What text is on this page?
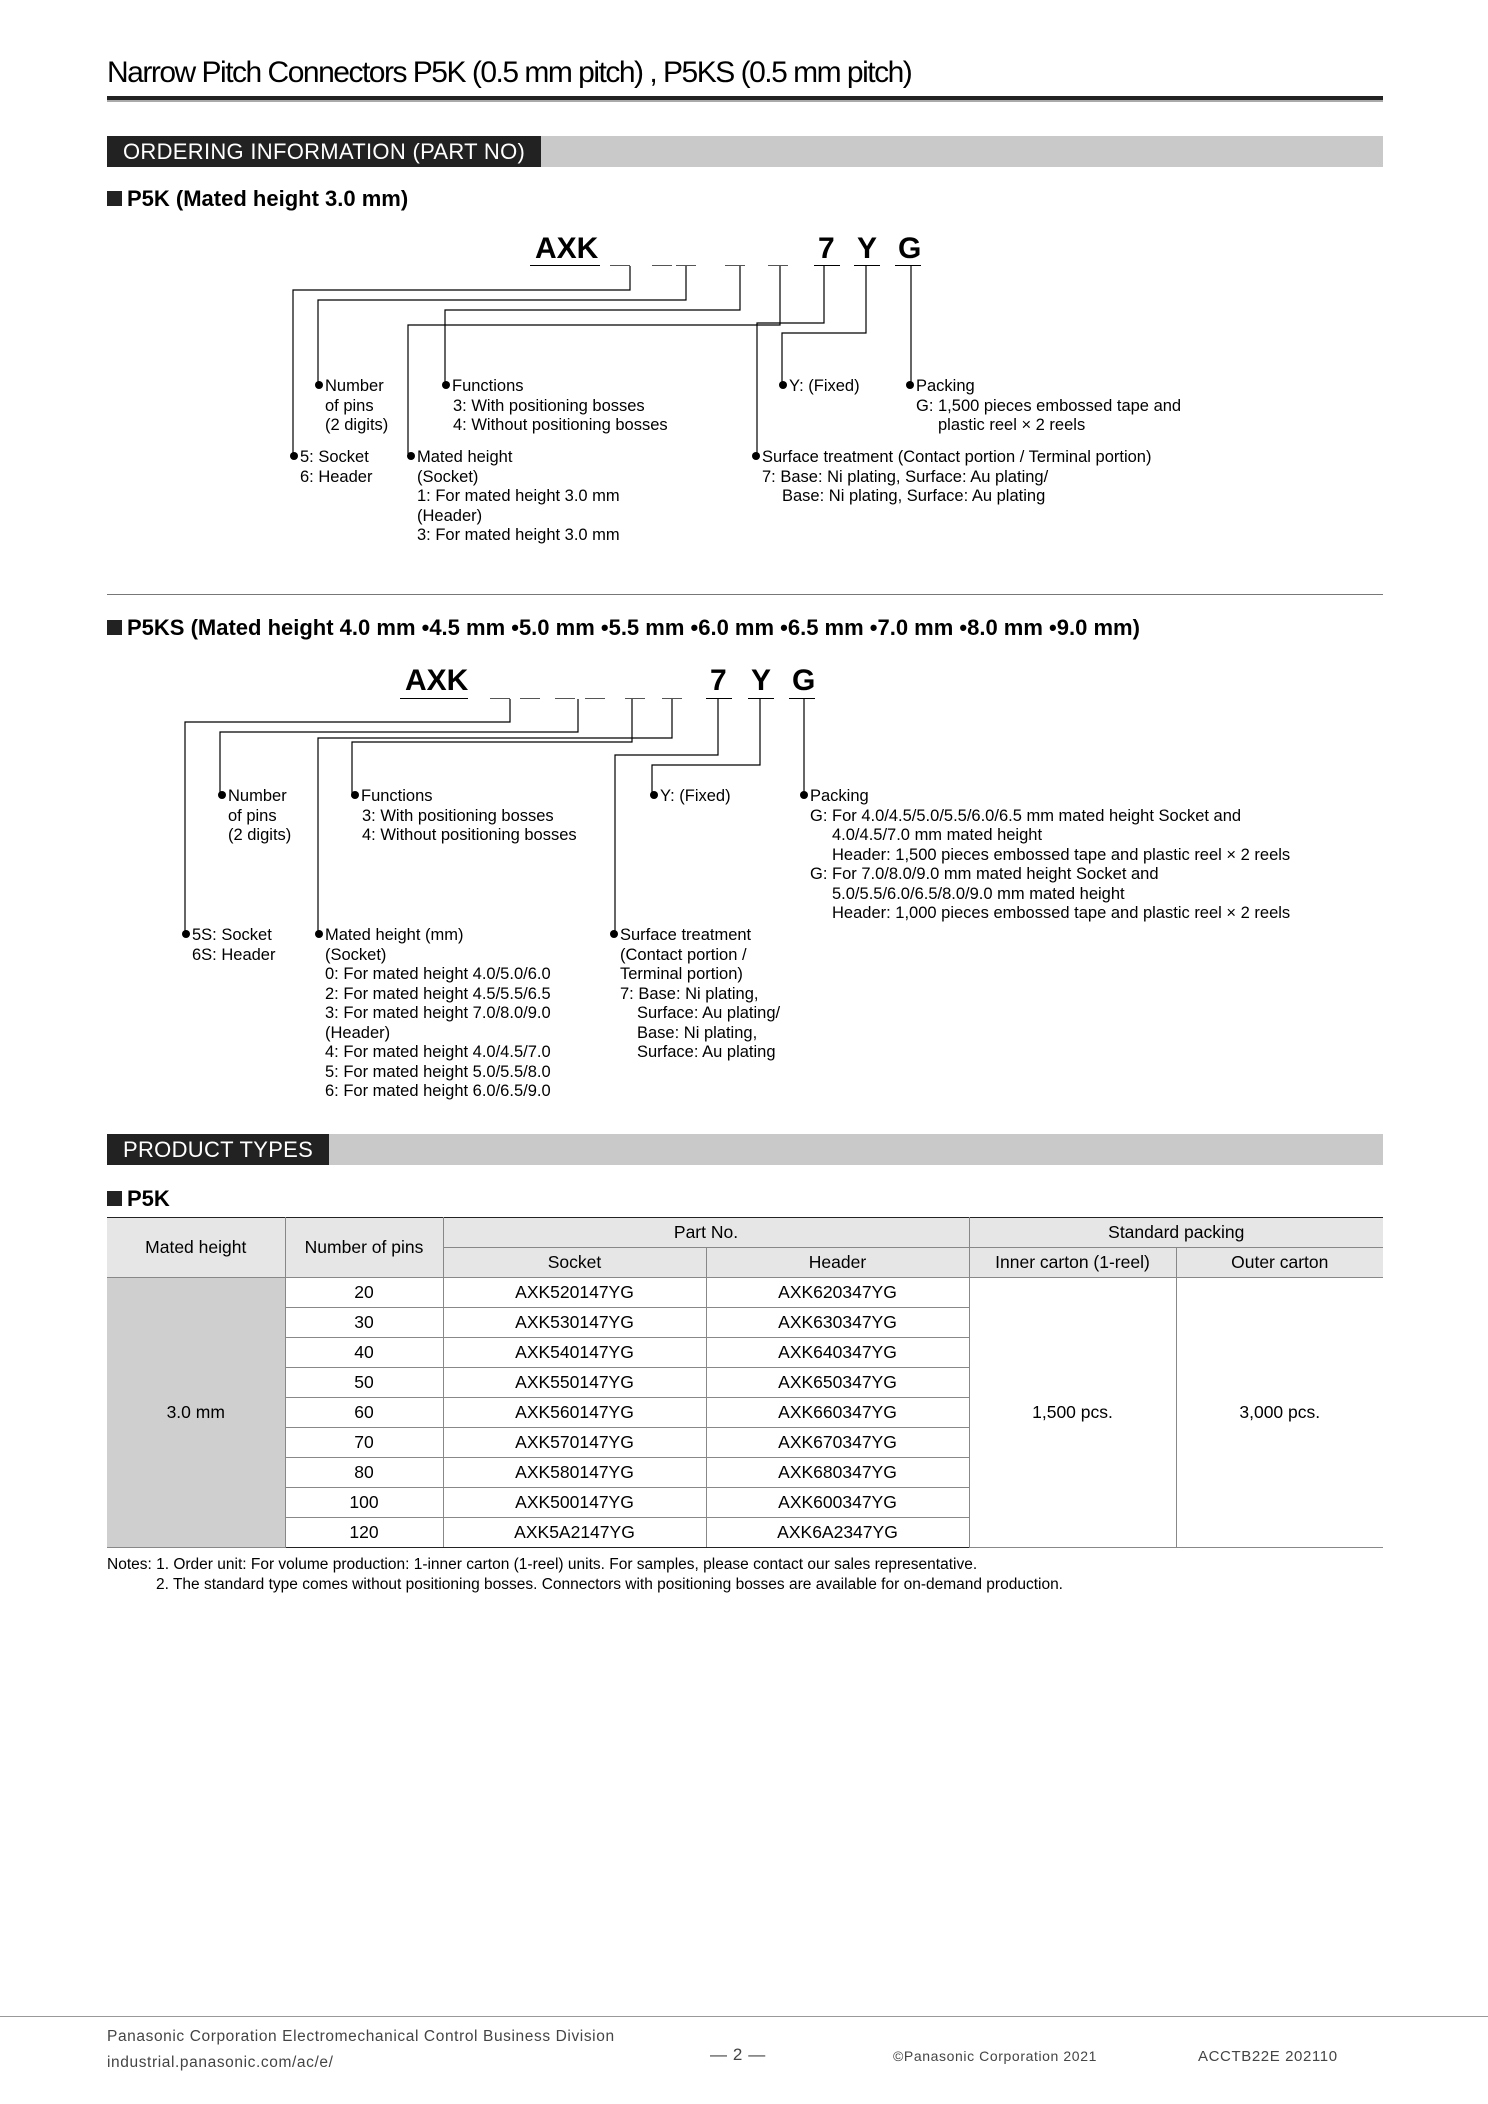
Narrow Pitch Connectors P5K (0.5 mm pitch) , P5KS (0.5 mm pitch)
ORDERING INFORMATION (PART NO)
P5K (Mated height 3.0 mm)
AXK	7 Y G
Number
of pins
(2 digits)
Functions
3: With positioning bosses
4: Without positioning bosses
Y: (Fixed)	Packing
G: 1,500 pieces embossed tape and
plastic reel × 2 reels
5: Socket
6: Header
Mated height
(Socket)
1: For mated height 3.0 mm
(Header)
3: For mated height 3.0 mm
Surface treatment (Contact portion / Terminal portion)
7: Base: Ni plating, Surface: Au plating/
Base: Ni plating, Surface: Au plating
P5KS (Mated height 4.0 mm •4.5 mm •5.0 mm •5.5 mm •6.0 mm •6.5 mm •7.0 mm •8.0 mm •9.0 mm)
AXK	7 Y G
Number
of pins
(2 digits)
Functions
3: With positioning bosses
4: Without positioning bosses
Y: (Fixed)	Packing
G: For 4.0/4.5/5.0/5.5/6.0/6.5 mm mated height Socket and
4.0/4.5/7.0 mm mated height
Header: 1,500 pieces embossed tape and plastic reel × 2 reels
G: For 7.0/8.0/9.0 mm mated height Socket and
5.0/5.5/6.0/6.5/8.0/9.0 mm mated height
Header: 1,000 pieces embossed tape and plastic reel × 2 reels
5S: Socket
6S: Header
Mated height (mm)
(Socket)
0: For mated height 4.0/5.0/6.0
2: For mated height 4.5/5.5/6.5
3: For mated height 7.0/8.0/9.0
(Header)
4: For mated height 4.0/4.5/7.0
5: For mated height 5.0/5.5/8.0
6: For mated height 6.0/6.5/9.0
Surface treatment
(Contact portion /
Terminal portion)
7: Base: Ni plating,
Surface: Au plating/
Base: Ni plating,
Surface: Au plating
PRODUCT TYPES
P5K
Mated height	Number of pins	Part No.		Standard packing	
		Socket	Header	Inner carton (1-reel)	Outer carton
3.0 mm	20	AXK520147YG	AXK620347YG	1,500 pcs.	3,000 pcs.
	30	AXK530147YG	AXK630347YG		
	40	AXK540147YG	AXK640347YG		
	50	AXK550147YG	AXK650347YG		
	60	AXK560147YG	AXK660347YG		
	70	AXK570147YG	AXK670347YG		
	80	AXK580147YG	AXK680347YG		
	100	AXK500147YG	AXK600347YG		
	120	AXK5A2147YG	AXK6A2347YG		
Notes: 1. Order unit: For volume production: 1-inner carton (1-reel) units. For samples, please contact our sales representative.
2. The standard type comes without positioning bosses. Connectors with positioning bosses are available for on-demand production.
Panasonic Corporation Electromechanical Control Business Division
industrial.panasonic.com/ac/e/	— 2 —	©Panasonic Corporation 2021	ACCTB22E 202110
